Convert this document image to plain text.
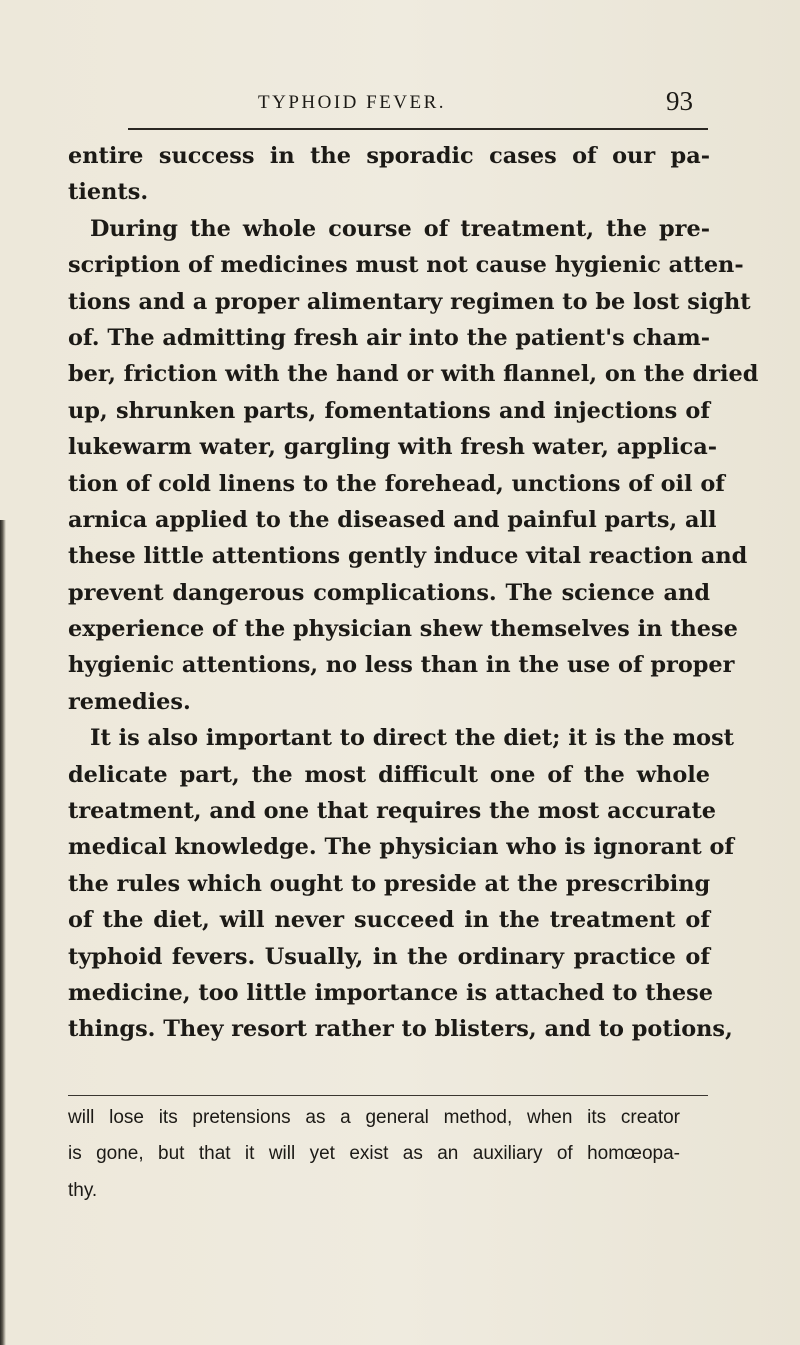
TYPHOID FEVER.	93
entire success in the sporadic cases of our pa-
tients.
During the whole course of treatment, the pre-
scription of medicines must not cause hygienic atten-
tions and a proper alimentary regimen to be lost sight
of. The admitting fresh air into the patient's cham-
ber, friction with the hand or with flannel, on the dried
up, shrunken parts, fomentations and injections of
lukewarm water, gargling with fresh water, applica-
tion of cold linens to the forehead, unctions of oil of
arnica applied to the diseased and painful parts, all
these little attentions gently induce vital reaction and
prevent dangerous complications. The science and
experience of the physician shew themselves in these
hygienic attentions, no less than in the use of proper
remedies.
It is also important to direct the diet; it is the most
delicate part, the most difficult one of the whole
treatment, and one that requires the most accurate
medical knowledge. The physician who is ignorant of
the rules which ought to preside at the prescribing
of the diet, will never succeed in the treatment of
typhoid fevers. Usually, in the ordinary practice of
medicine, too little importance is attached to these
things. They resort rather to blisters, and to potions,
will lose its pretensions as a general method, when its creator
is gone, but that it will yet exist as an auxiliary of homœopa-
thy.
